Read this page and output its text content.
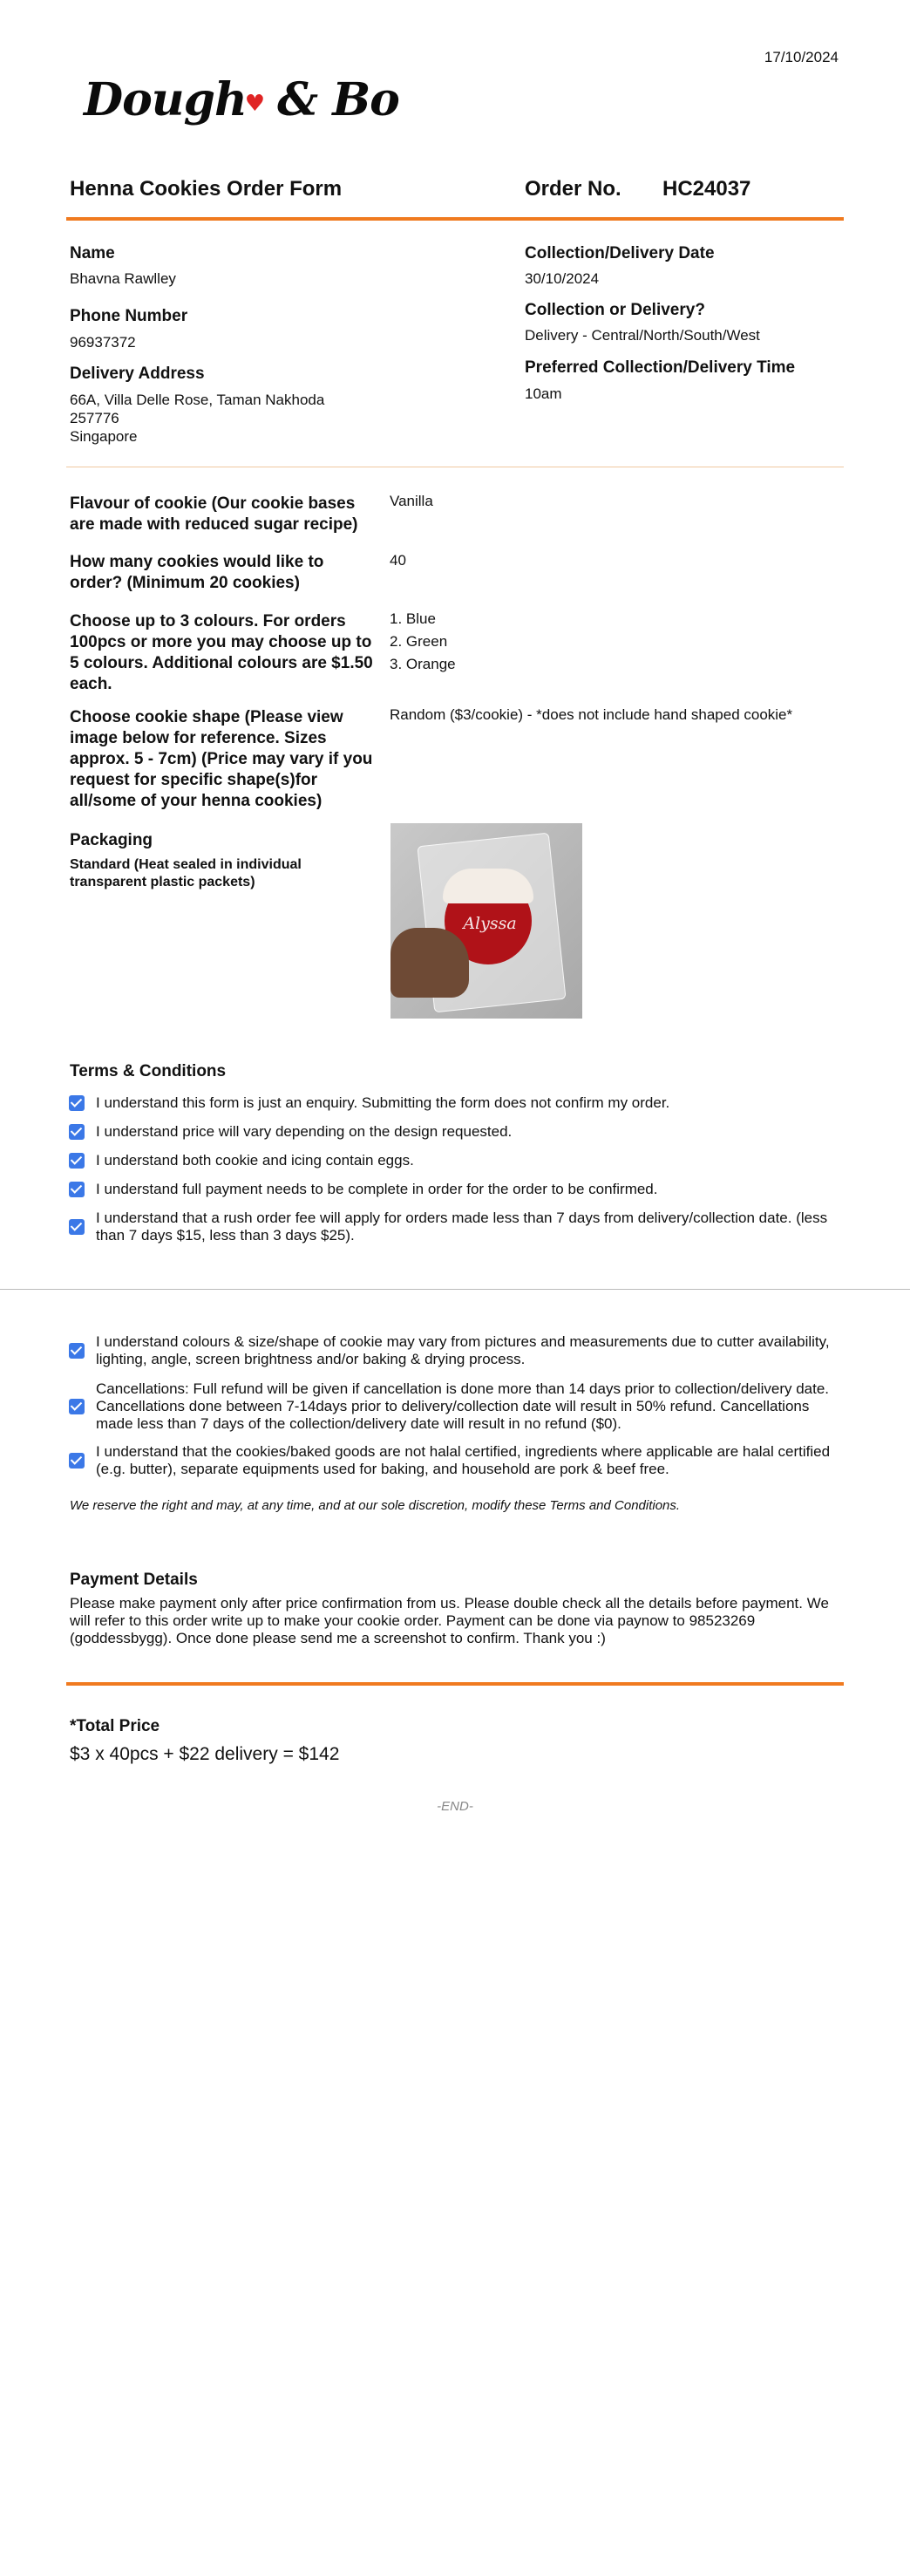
17/10/2024
Dough♥ & Bo
Henna Cookies Order Form	Order No. HC24037
Name
Bhavna Rawlley
Phone Number
96937372
Delivery Address
66A, Villa Delle Rose, Taman Nakhoda
257776
Singapore
Collection/Delivery Date
30/10/2024
Collection or Delivery?
Delivery - Central/North/South/West
Preferred Collection/Delivery Time
10am
Flavour of cookie (Our cookie bases are made with reduced sugar recipe)
Vanilla
How many cookies would like to order? (Minimum 20 cookies)
40
Choose up to 3 colours. For orders 100pcs or more you may choose up to 5 colours. Additional colours are $1.50 each.
1. Blue
2. Green
3. Orange
Choose cookie shape (Please view image below for reference. Sizes approx. 5 - 7cm) (Price may vary if you request for specific shape(s)for all/some of your henna cookies)
Random ($3/cookie) - *does not include hand shaped cookie*
Packaging
Standard (Heat sealed in individual transparent plastic packets)
Alyssa
Terms & Conditions
I understand this form is just an enquiry. Submitting the form does not confirm my order.
I understand price will vary depending on the design requested.
I understand both cookie and icing contain eggs.
I understand full payment needs to be complete in order for the order to be confirmed.
I understand that a rush order fee will apply for orders made less than 7 days from delivery/collection date. (less than 7 days $15, less than 3 days $25).
I understand colours & size/shape of cookie may vary from pictures and measurements due to cutter availability, lighting, angle, screen brightness and/or baking & drying process.
Cancellations: Full refund will be given if cancellation is done more than 14 days prior to collection/delivery date. Cancellations done between 7-14days prior to delivery/collection date will result in 50% refund. Cancellations made less than 7 days of the collection/delivery date will result in no refund ($0).
I understand that the cookies/baked goods are not halal certified, ingredients where applicable are halal certified (e.g. butter), separate equipments used for baking, and household are pork & beef free.
We reserve the right and may, at any time, and at our sole discretion, modify these Terms and Conditions.
Payment Details
Please make payment only after price confirmation from us. Please double check all the details before payment. We will refer to this order write up to make your cookie order. Payment can be done via paynow to 98523269 (goddessbygg). Once done please send me a screenshot to confirm. Thank you :)
*Total Price
$3 x 40pcs + $22 delivery = $142
-END-
